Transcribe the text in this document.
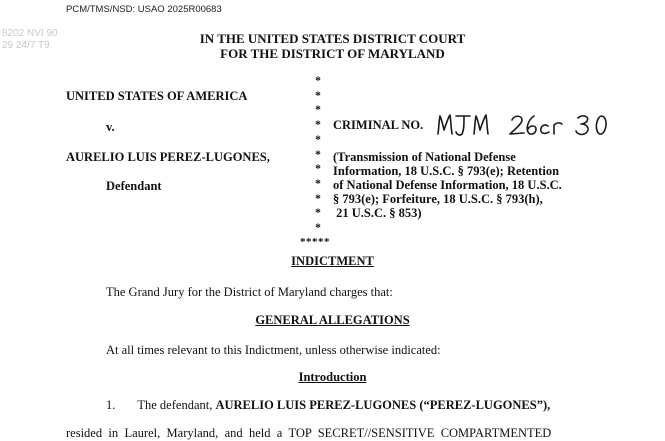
PCM/TMS/NSD: USAO 2025R00683
8202 NVI 90
29 24/7 T9.	IN THE UNITED STATES DISTRICT COURT
FOR THE DISTRICT OF MARYLAND
UNITED STATES OF AMERICA
v.
AURELIO LUIS PEREZ-LUGONES,
Defendant
*
*
*
*
*
*
*
*
*
*
*
*****
CRIMINAL NO.
(Transmission of National Defense
Information, 18 U.S.C. § 793(e); Retention
of National Defense Information, 18 U.S.C.
§ 793(e); Forfeiture, 18 U.S.C. § 793(h),
21 U.S.C. § 853)
INDICTMENT
The Grand Jury for the District of Maryland charges that:
GENERAL ALLEGATIONS
At all times relevant to this Indictment, unless otherwise indicated:
Introduction
1. The defendant, AURELIO LUIS PEREZ-LUGONES (“PEREZ-LUGONES”),
resided in Laurel, Maryland, and held a TOP SECRET//SENSITIVE COMPARTMENTED
